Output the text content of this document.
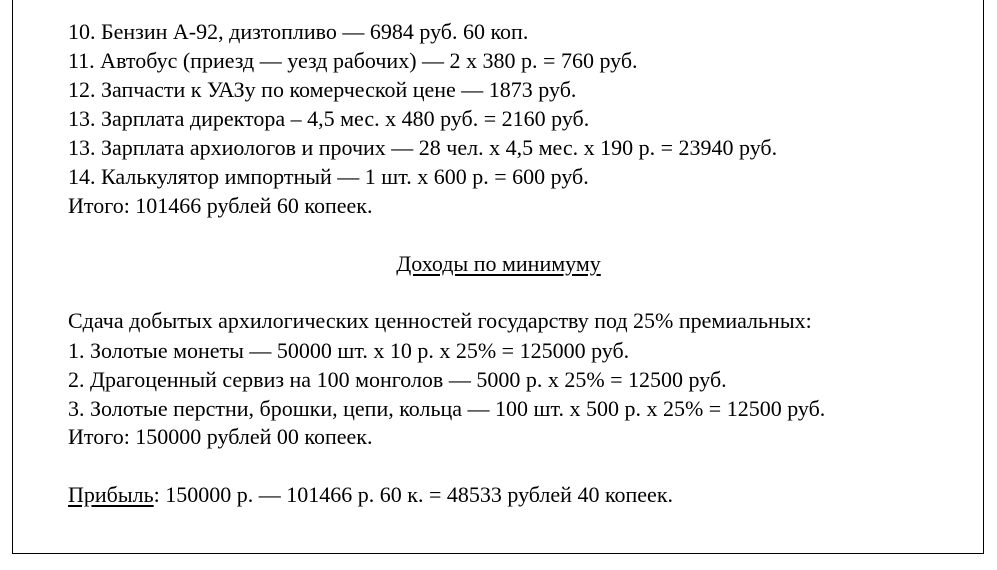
10. Бензин А-92, дизтопливо — 6984 руб. 60 коп.
11. Автобус (приезд — уезд рабочих) — 2 х 380 р. = 760 руб.
12. Запчасти к УАЗу по комерческой цене — 1873 руб.
13. Зарплата директора – 4,5 мес. х 480 руб. = 2160 руб.
13. Зарплата архиологов и прочих — 28 чел. х 4,5 мес. х 190 р. = 23940 руб.
14. Калькулятор импортный — 1 шт. х 600 р. = 600 руб.
Итого: 101466 рублей 60 копеек.
Доходы по минимуму
Сдача добытых архилогических ценностей государству под 25% премиальных:
1. Золотые монеты — 50000 шт. х 10 р. х 25% = 125000 руб.
2. Драгоценный сервиз на 100 монголов — 5000 р. х 25% = 12500 руб.
3. Золотые перстни, брошки, цепи, кольца — 100 шт. х 500 р. х 25% = 12500 руб.
Итого: 150000 рублей 00 копеек.
Прибыль: 150000 р. — 101466 р. 60 к. = 48533 рублей 40 копеек.
